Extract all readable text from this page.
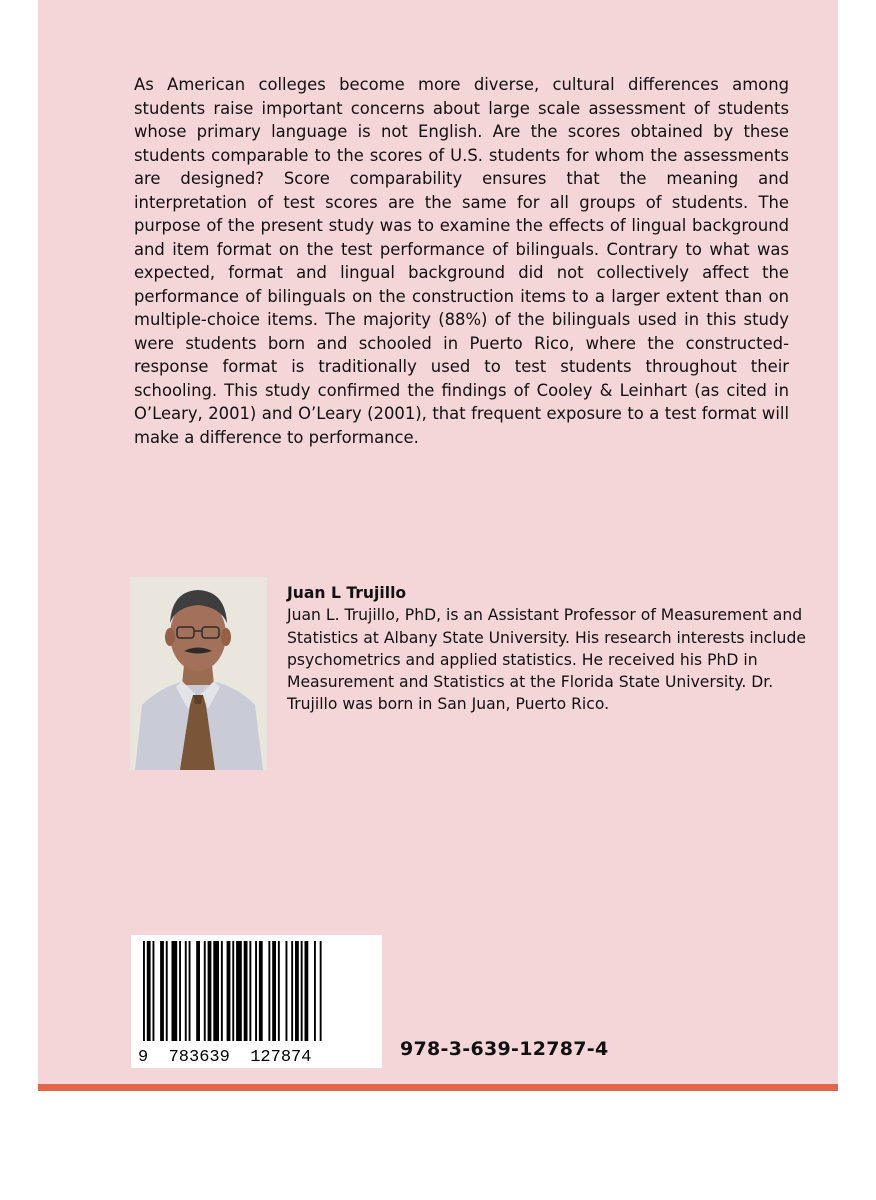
As American colleges become more diverse, cultural differences among students raise important concerns about large scale assessment of students whose primary language is not English. Are the scores obtained by these students comparable to the scores of U.S. students for whom the assessments are designed? Score comparability ensures that the meaning and interpretation of test scores are the same for all groups of students. The purpose of the present study was to examine the effects of lingual background and item format on the test performance of bilinguals. Contrary to what was expected, format and lingual background did not collectively affect the performance of bilinguals on the construction items to a larger extent than on multiple-choice items. The majority (88%) of the bilinguals used in this study were students born and schooled in Puerto Rico, where the constructed-response format is traditionally used to test students throughout their schooling. This study confirmed the findings of Cooley & Leinhart (as cited in O’Leary, 2001) and O’Leary (2001), that frequent exposure to a test format will make a difference to performance.

Juan L Trujillo

Juan L. Trujillo, PhD, is an Assistant Professor of Measurement and Statistics at Albany State University. His research interests include psychometrics and applied statistics. He received his PhD in Measurement and Statistics at the Florida State University. Dr. Trujillo was born in San Juan, Puerto Rico.

9  783639  127874	978-3-639-12787-4
